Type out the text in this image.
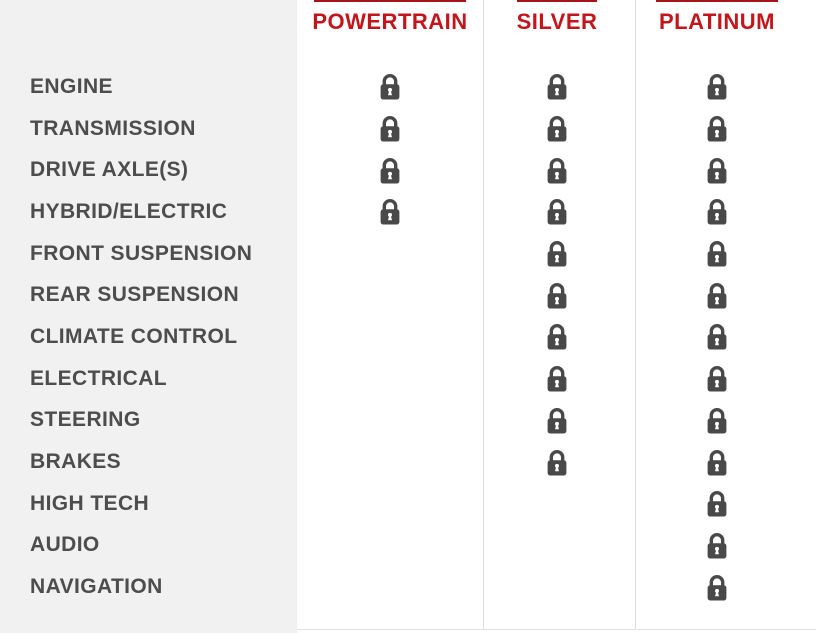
ENGINE
TRANSMISSION
DRIVE AXLE(S)
HYBRID/ELECTRIC
FRONT SUSPENSION
REAR SUSPENSION
CLIMATE CONTROL
ELECTRICAL
STEERING
BRAKES
HIGH TECH
AUDIO
NAVIGATION
POWERTRAIN SILVER	PLATINUM
